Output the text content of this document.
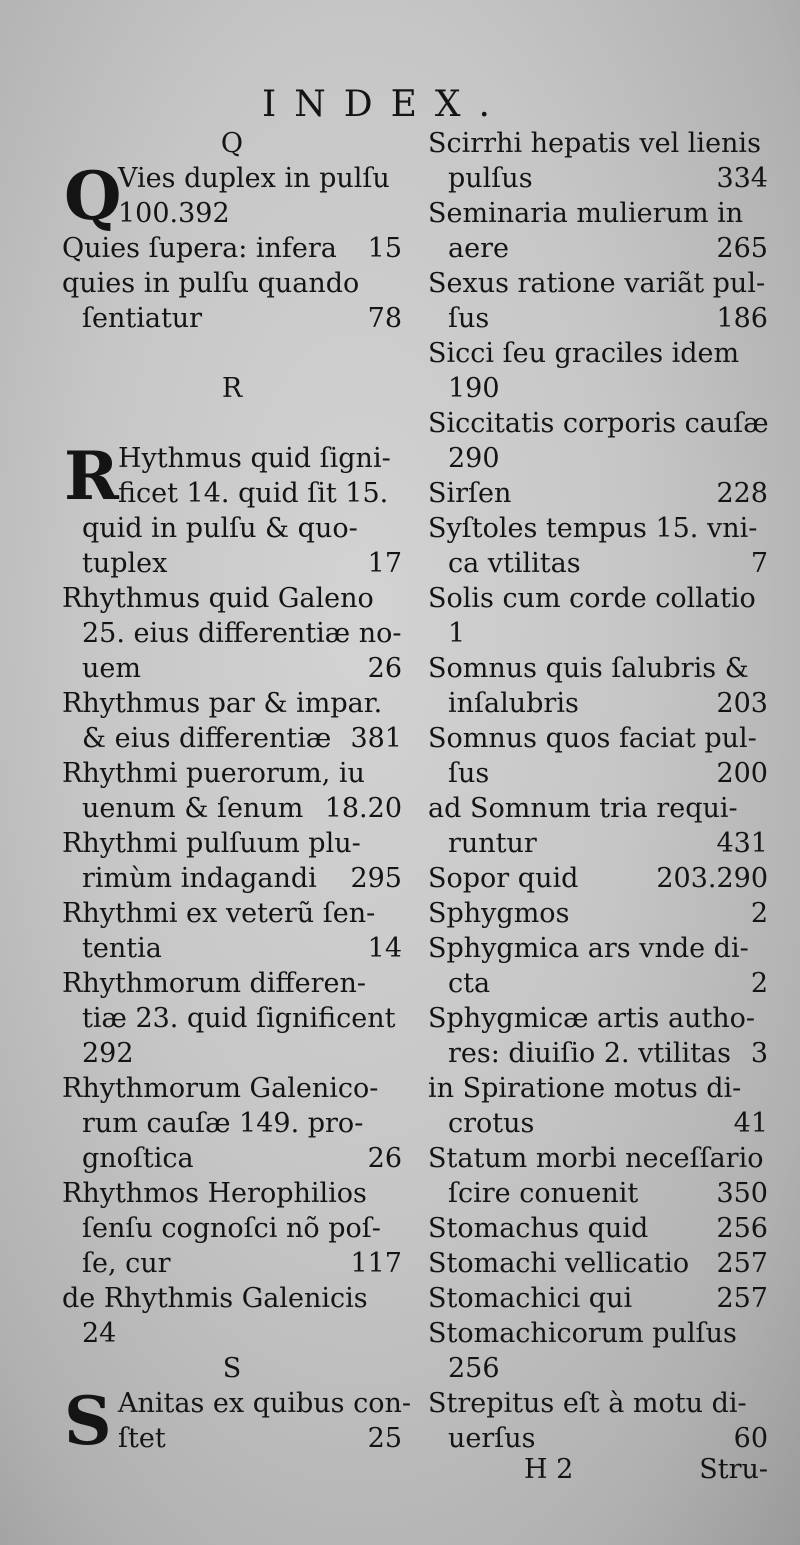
INDEX.
Q
Q
Vies duplex in pulſu
100.392
Quies ſupera: infera 15
quies in pulſu quando
ſentiatur	78
R
R Hythmus quid ſigni-
ficet 14. quid ſit 15.
quid in pulſu & quo-
tuplex	17
Rhythmus quid Galeno
25. eius differentiæ no-
uem	26
Rhythmus par & impar.
& eius differentiæ 381
Rhythmi puerorum, iu
uenum & ſenum 18.20
Rhythmi pulſuum plu-
rimùm indagandi 295
Rhythmi ex veterũ ſen-
tentia	14
Rhythmorum differen-
tiæ 23. quid ſignificent
292
Rhythmorum Galenico-
rum cauſæ 149. pro-
gnoſtica	26
Rhythmos Herophilios
ſenſu cognoſci nõ poſ-
ſe, cur	117
de Rhythmis Galenicis
24
S
S Anitas ex quibus con-
ſtet	25
Scirrhi hepatis vel lienis
pulſus	334
Seminaria mulierum in
aere	265
Sexus ratione variãt pul-
ſus	186
Sicci ſeu graciles idem
190
Siccitatis corporis cauſæ
290
Sirſen	228
Syſtoles tempus 15. vni-
ca vtilitas	7
Solis cum corde collatio
1
Somnus quis ſalubris &
inſalubris	203
Somnus quos faciat pul-
ſus	200
ad Somnum tria requi-
runtur	431
Sopor quid	203.290
Sphygmos	2
Sphygmica ars vnde di-
cta	2
Sphygmicæ artis autho-
res: diuiſio 2. vtilitas 3
in Spiratione motus di-
crotus	41
Statum morbi neceſſario
ſcire conuenit	350
Stomachus quid	256
Stomachi vellicatio 257
Stomachici qui	257
Stomachicorum pulſus
256
Strepitus eſt à motu di-
uerſus	60
H 2	Stru-
